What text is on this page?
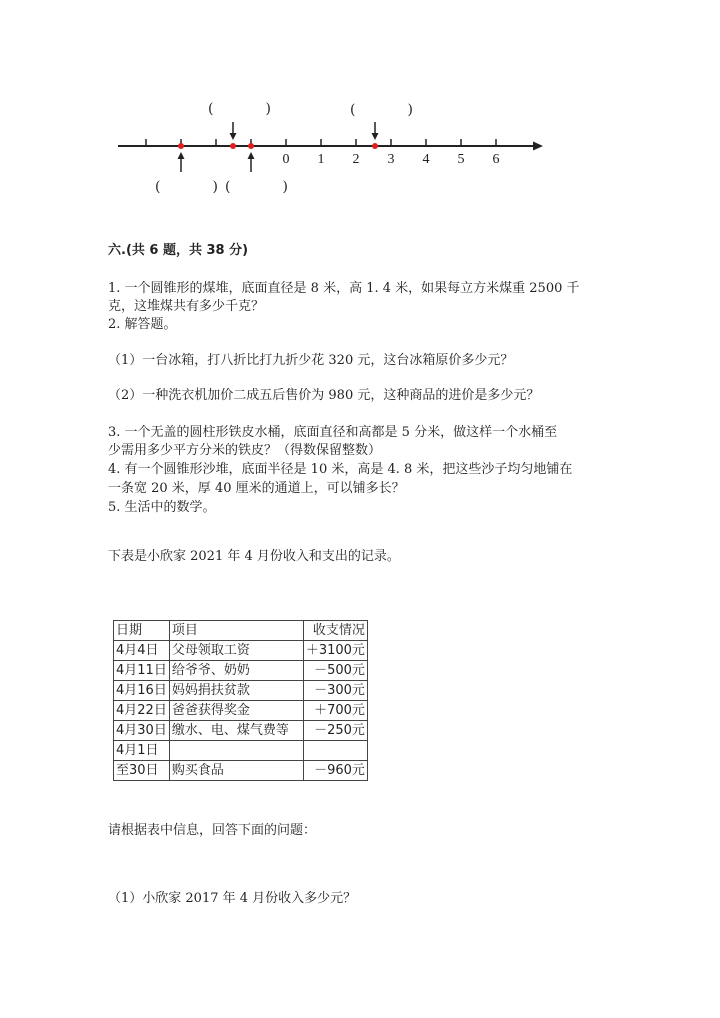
0 1 2 3 4 5 6
(　　)	(　　)
(　　) (　　)
六.(共 6 题，共 38 分)
1. 一个圆锥形的煤堆，底面直径是 8 米，高 1. 4 米，如果每立方米煤重 2500 千
克，这堆煤共有多少千克？
2. 解答题。
（1）一台冰箱，打八折比打九折少花 320 元，这台冰箱原价多少元？
（2）一种洗衣机加价二成五后售价为 980 元，这种商品的进价是多少元？
3. 一个无盖的圆柱形铁皮水桶，底面直径和高都是 5 分米，做这样一个水桶至
少需用多少平方分米的铁皮？（得数保留整数）
4. 有一个圆锥形沙堆，底面半径是 10 米，高是 4. 8 米，把这些沙子均匀地铺在
一条宽 20 米，厚 40 厘米的通道上，可以铺多长？
5. 生活中的数学。
下表是小欣家 2021 年 4 月份收入和支出的记录。
日期	项目	收支情况
4月4日	父母领取工资	＋3100元
4月11日	给爷爷、奶奶	－500元
4月16日	妈妈捐扶贫款	－300元
4月22日	爸爸获得奖金	＋700元
4月30日	缴水、电、煤气费等	－250元
4月1日		
至30日	购买食品	－960元
请根据表中信息，回答下面的问题：
（1）小欣家 2017 年 4 月份收入多少元？
